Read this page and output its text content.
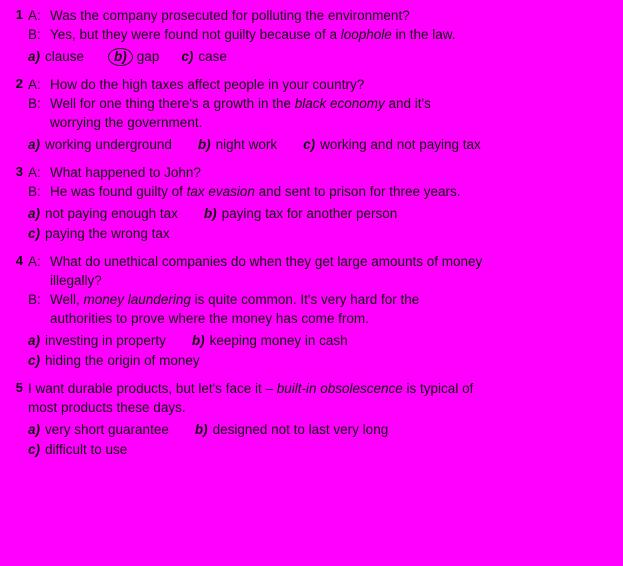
1 A: Was the company prosecuted for polluting the environment?
B: Yes, but they were found not guilty because of a loophole in the law.
a) clause b) gap c) case
2 A: How do the high taxes affect people in your country?
B: Well for one thing there's a growth in the black economy and it's
worrying the government.
a) working underground b) night work c) working and not paying tax
3 A: What happened to John?
B: He was found guilty of tax evasion and sent to prison for three years.
a) not paying enough tax b) paying tax for another person
c) paying the wrong tax
4 A: What do unethical companies do when they get large amounts of money
illegally?
B: Well, money laundering is quite common. It's very hard for the
authorities to prove where the money has come from.
a) investing in property b) keeping money in cash
c) hiding the origin of money
5 I want durable products, but let's face it – built-in obsolescence is typical of
most products these days.
a) very short guarantee b) designed not to last very long
c) difficult to use
